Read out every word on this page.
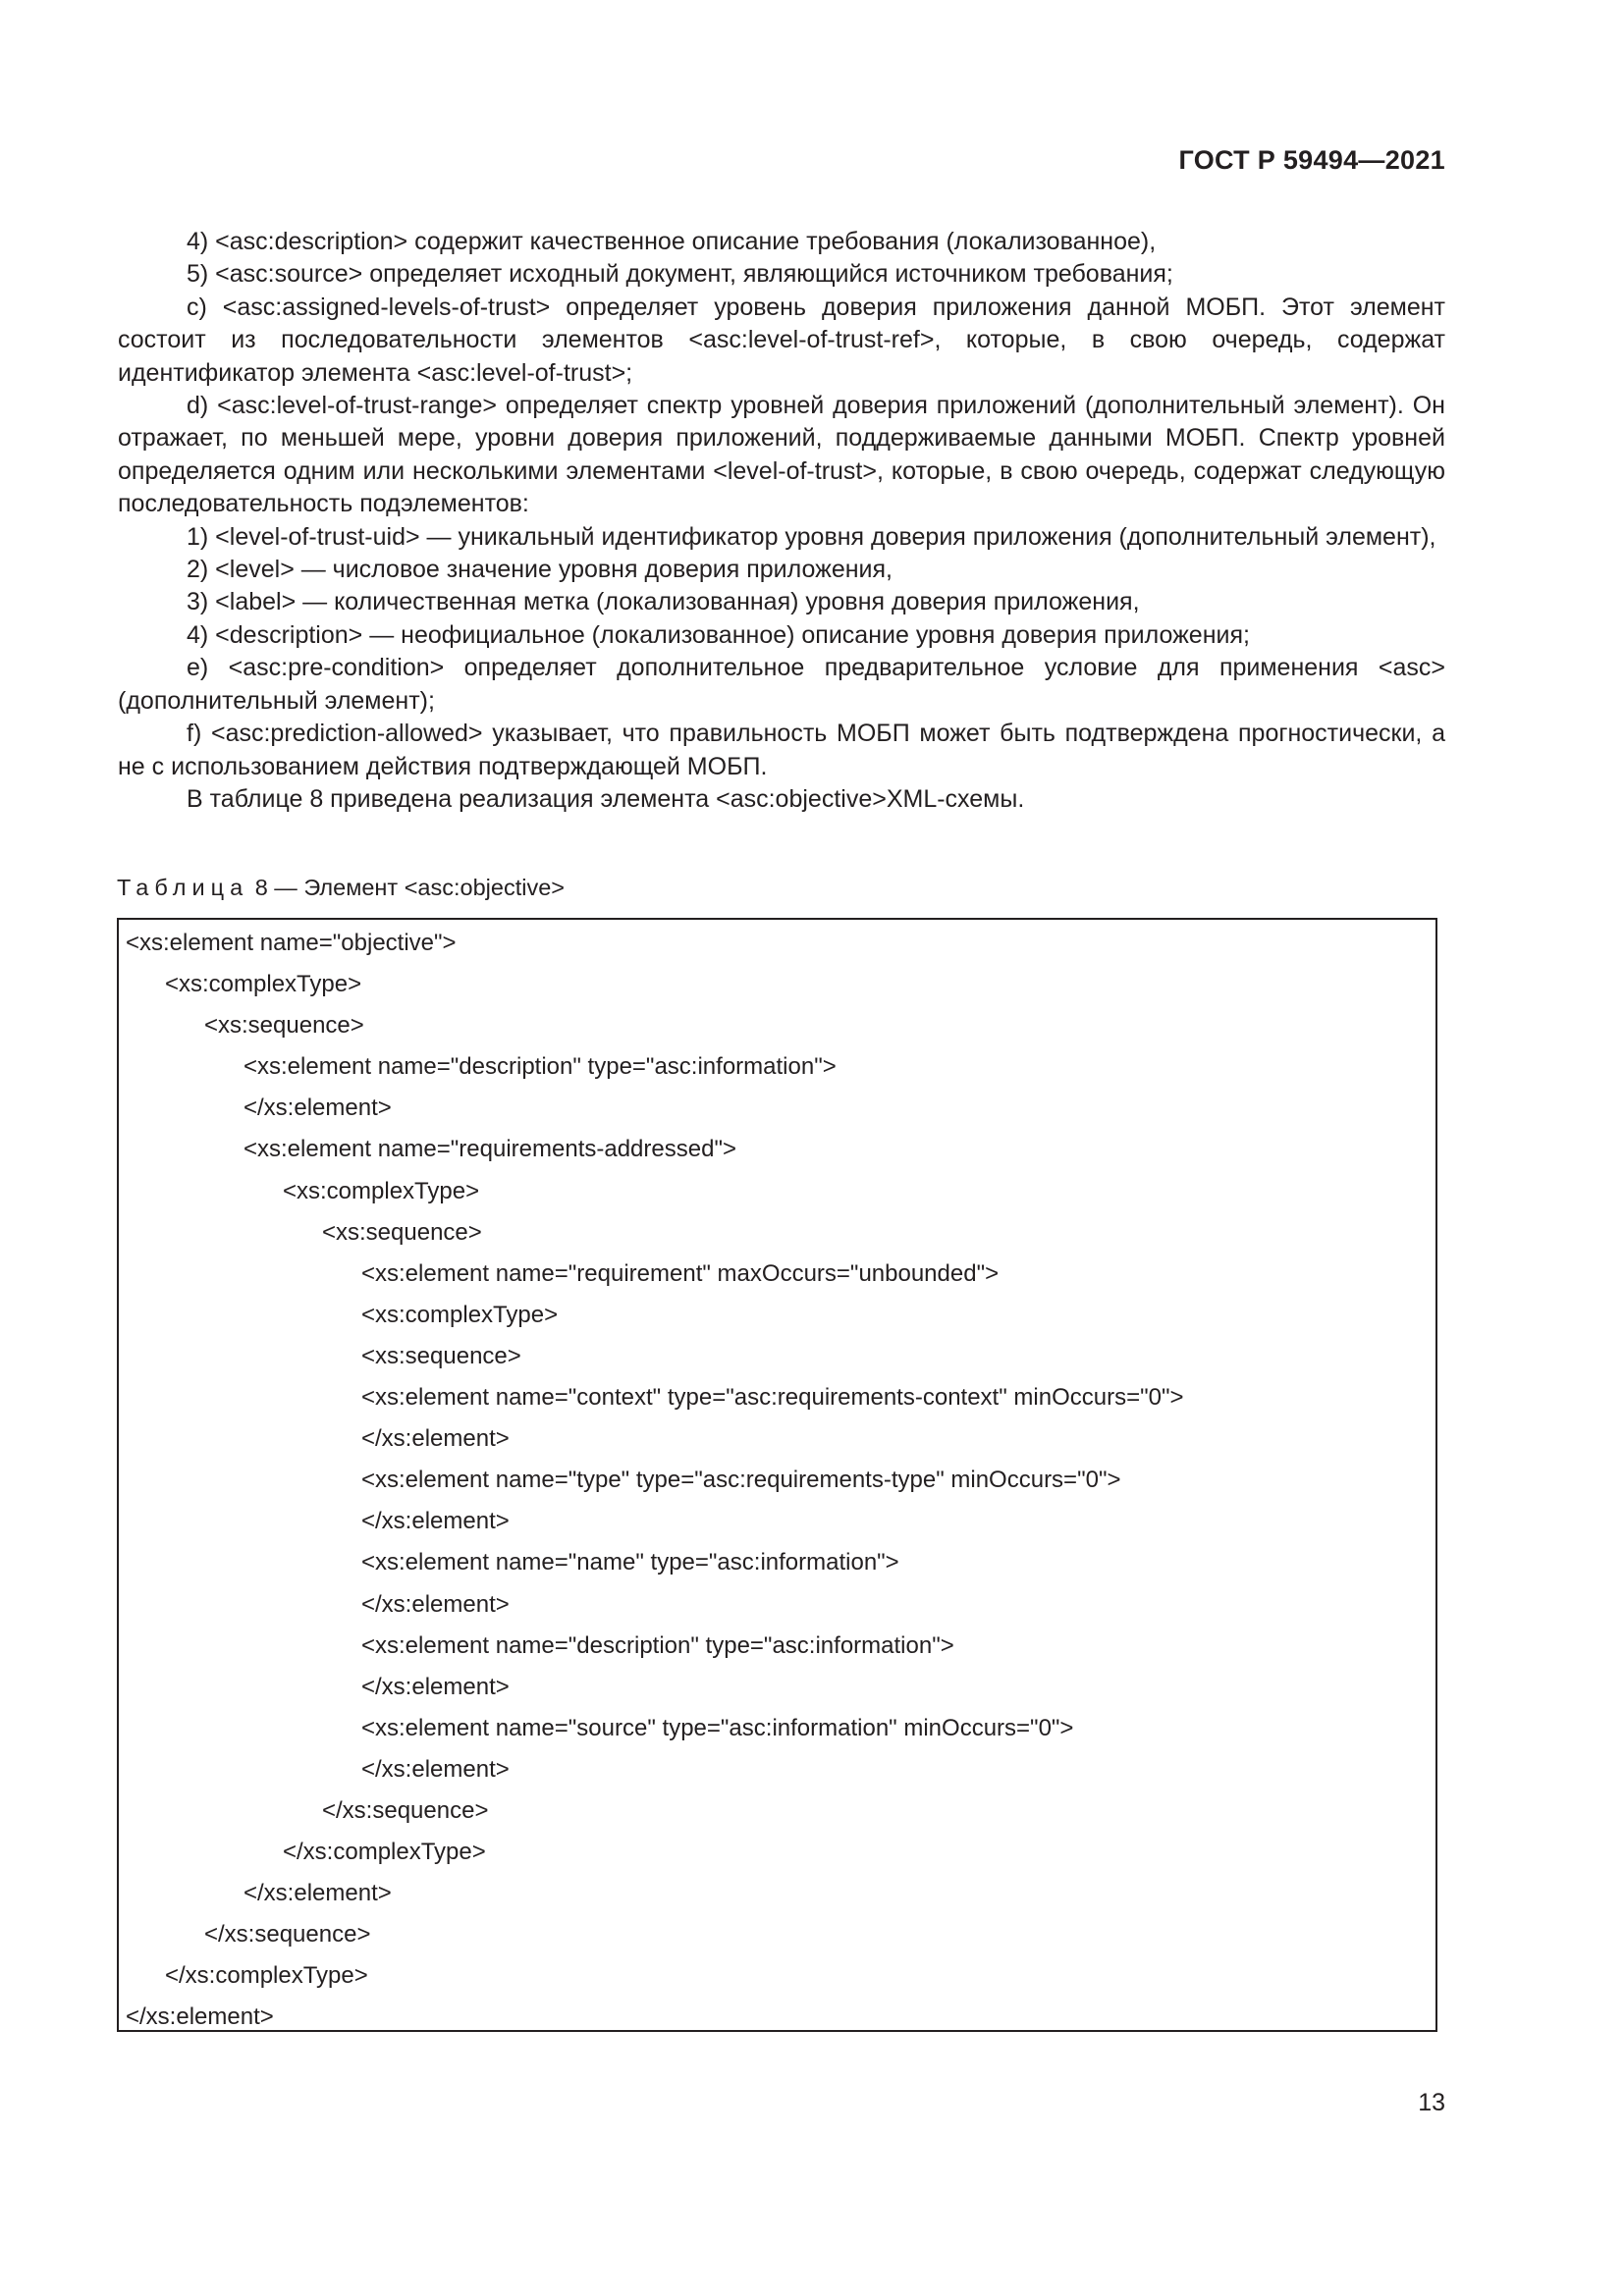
ГОСТ Р 59494—2021

4) <asc:description> содержит качественное описание требования (локализованное),

5) <asc:source> определяет исходный документ, являющийся источником требования;

c) <asc:assigned-levels-of-trust> определяет уровень доверия приложения данной МОБП. Этот элемент состоит из последовательности элементов <asc:level-of-trust-ref>, которые, в свою очередь, содержат идентификатор элемента <asc:level-of-trust>;

d) <asc:level-of-trust-range> определяет спектр уровней доверия приложений (дополнительный элемент). Он отражает, по меньшей мере, уровни доверия приложений, поддерживаемые данными МОБП. Спектр уровней определяется одним или несколькими элементами <level-of-trust>, которые, в свою очередь, содержат следующую последовательность подэлементов:

1) <level-of-trust-uid> — уникальный идентификатор уровня доверия приложения (дополнительный элемент),

2) <level> — числовое значение уровня доверия приложения,

3) <label> — количественная метка (локализованная) уровня доверия приложения,

4) <description> — неофициальное (локализованное) описание уровня доверия приложения;

e) <asc:pre-condition> определяет дополнительное предварительное условие для применения <asc> (дополнительный элемент);

f) <asc:prediction-allowed> указывает, что правильность МОБП может быть подтверждена прогностически, а не с использованием действия подтверждающей МОБП.

В таблице 8 приведена реализация элемента <asc:objective>XML-схемы.

Таблица 8 — Элемент <asc:objective>
<xs:element name="objective">
<xs:complexType>
<xs:sequence>
<xs:element name="description" type="asc:information">
</xs:element>
<xs:element name="requirements-addressed">
<xs:complexType>
<xs:sequence>
<xs:element name="requirement" maxOccurs="unbounded">
<xs:complexType>
<xs:sequence>
<xs:element name="context" type="asc:requirements-context" minOccurs="0">
</xs:element>
<xs:element name="type" type="asc:requirements-type" minOccurs="0">
</xs:element>
<xs:element name="name" type="asc:information">
</xs:element>
<xs:element name="description" type="asc:information">
</xs:element>
<xs:element name="source" type="asc:information" minOccurs="0">
</xs:element>
</xs:sequence>
</xs:complexType>
</xs:element>
</xs:sequence>
</xs:complexType>
</xs:element>
13
